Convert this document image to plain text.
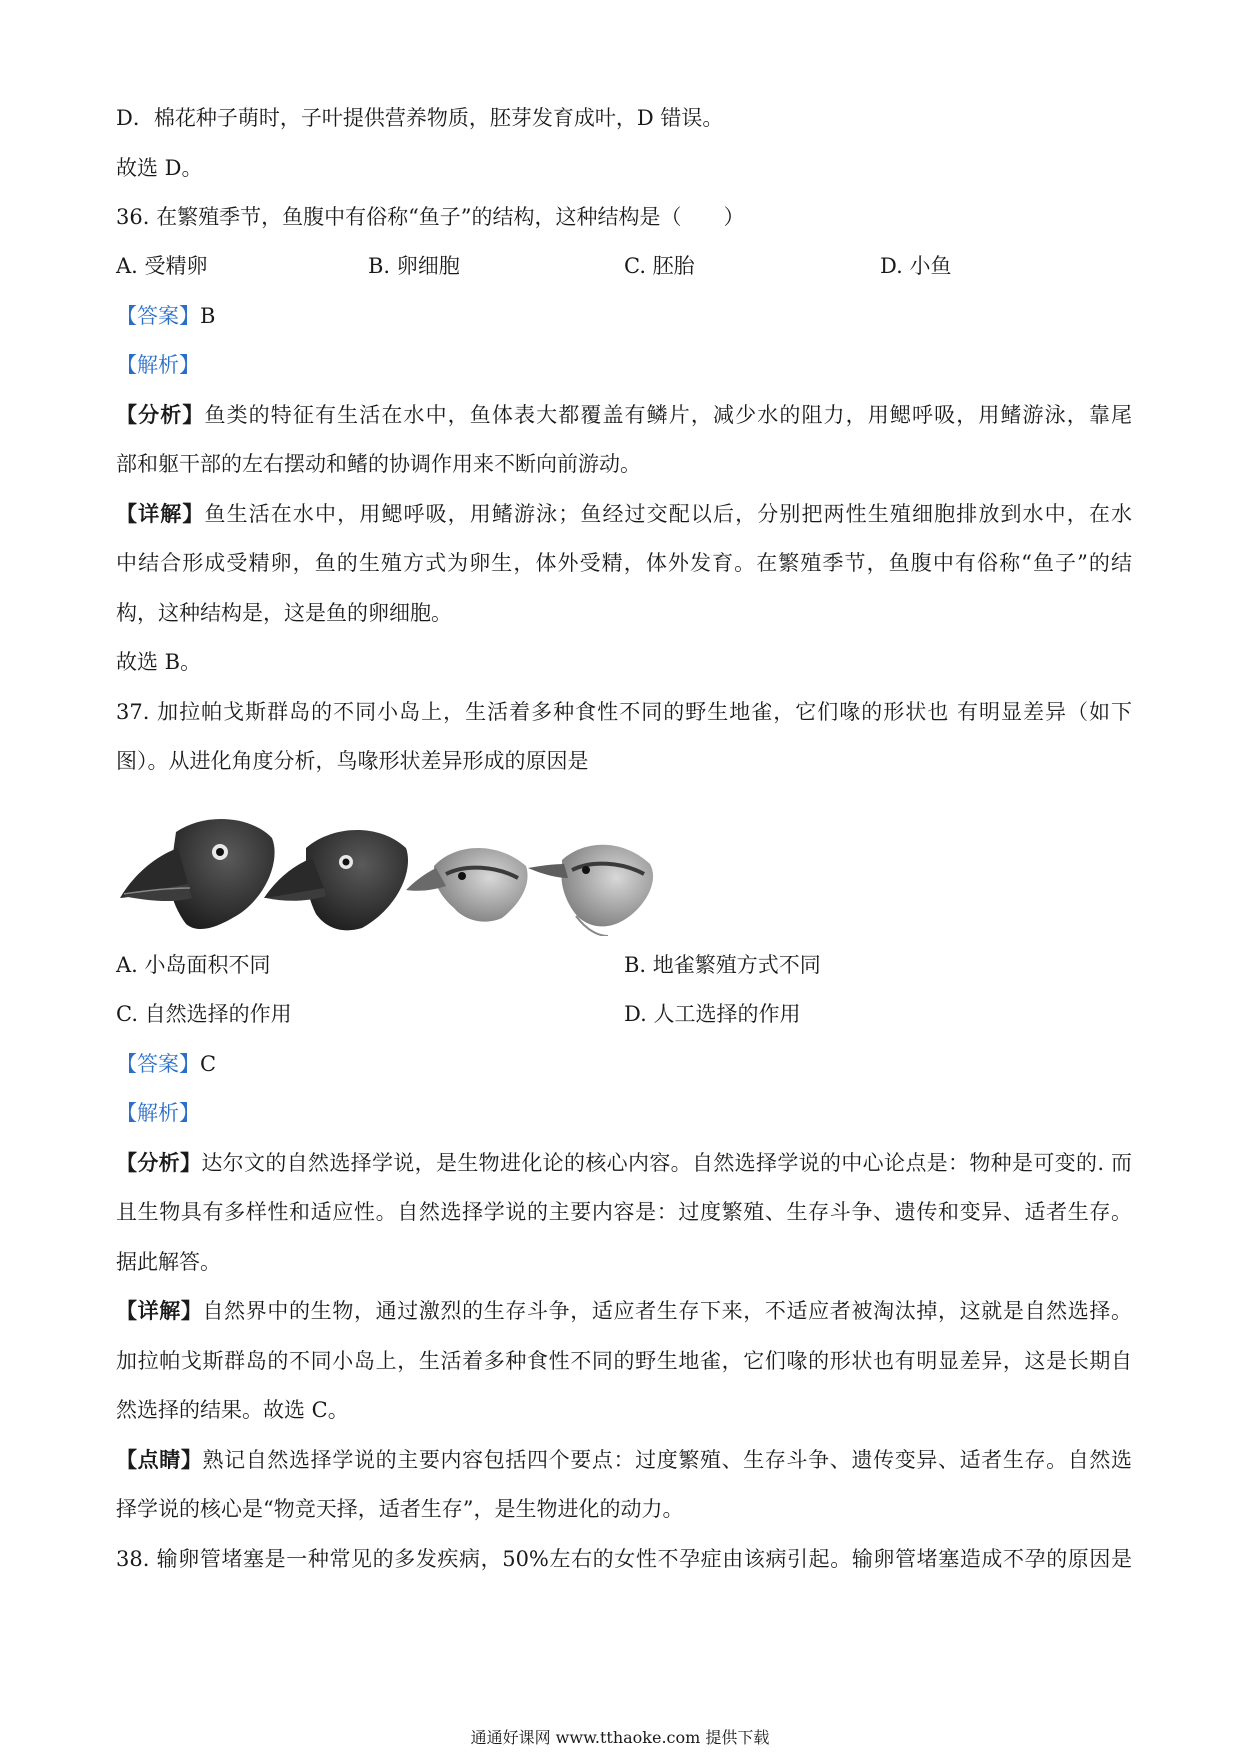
D．棉花种子萌时，子叶提供营养物质，胚芽发育成叶，D 错误。
故选 D。
36. 在繁殖季节，鱼腹中有俗称“鱼子”的结构，这种结构是（　　）
A. 受精卵	B. 卵细胞	C. 胚胎	D. 小鱼
【答案】B
【解析】
【分析】鱼类的特征有生活在水中，鱼体表大都覆盖有鳞片，减少水的阻力，用鳃呼吸，用鳍游泳，靠尾
部和躯干部的左右摆动和鳍的协调作用来不断向前游动。
【详解】鱼生活在水中，用鳃呼吸，用鳍游泳；鱼经过交配以后，分别把两性生殖细胞排放到水中，在水
中结合形成受精卵，鱼的生殖方式为卵生，体外受精，体外发育。在繁殖季节，鱼腹中有俗称“鱼子”的结
构，这种结构是，这是鱼的卵细胞。
故选 B。
37. 加拉帕戈斯群岛的不同小岛上，生活着多种食性不同的野生地雀，它们喙的形状也 有明显差异（如下
图）。从进化角度分析，鸟喙形状差异形成的原因是
A. 小岛面积不同	B. 地雀繁殖方式不同
C. 自然选择的作用	D. 人工选择的作用
【答案】C
【解析】
【分析】达尔文的自然选择学说，是生物进化论的核心内容。自然选择学说的中心论点是：物种是可变的. 而
且生物具有多样性和适应性。自然选择学说的主要内容是：过度繁殖、生存斗争、遗传和变异、适者生存。
据此解答。
【详解】自然界中的生物，通过激烈的生存斗争，适应者生存下来，不适应者被淘汰掉，这就是自然选择。
加拉帕戈斯群岛的不同小岛上，生活着多种食性不同的野生地雀，它们喙的形状也有明显差异，这是长期自
然选择的结果。故选 C。
【点睛】熟记自然选择学说的主要内容包括四个要点：过度繁殖、生存斗争、遗传变异、适者生存。自然选
择学说的核心是“物竞天择，适者生存”，是生物进化的动力。
38. 输卵管堵塞是一种常见的多发疾病，50%左右的女性不孕症由该病引起。输卵管堵塞造成不孕的原因是
通通好课网 www.tthaoke.com 提供下载
